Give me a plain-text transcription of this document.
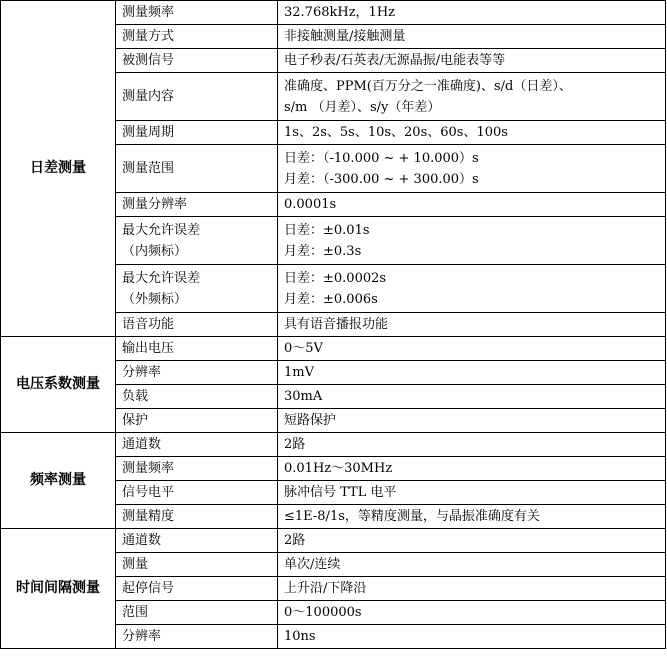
日差测量	测量频率	32.768kHz，1Hz

	测量方式	非接触测量/接触测量

	被测信号	电子秒表/石英表/无源晶振/电能表等等

	测量内容	准确度、PPM(百万分之一准确度)、s/d（日差）、
s/m （月差）、s/y（年差）

	测量周期	1s、2s、5s、10s、20s、60s、100s

	测量范围	日差：（-10.000 ~ + 10.000）s
月差：（-300.00 ~ + 300.00）s

	测量分辨率	0.0001s

	最大允许误差
（内频标）	日差：±0.01s
月差：±0.3s

	最大允许误差
（外频标）	日差：±0.0002s
月差：±0.006s

	语音功能	具有语音播报功能

电压系数测量	输出电压	0～5V

	分辨率	1mV

	负载	30mA

	保护	短路保护

频率测量	通道数	2路

	测量频率	0.01Hz～30MHz

	信号电平	脉冲信号 TTL 电平

	测量精度	≤1E-8/1s，等精度测量，与晶振准确度有关

时间间隔测量	通道数	2路

	测量	单次/连续

	起停信号	上升沿/下降沿

	范围	0～100000s

	分辨率	10ns
